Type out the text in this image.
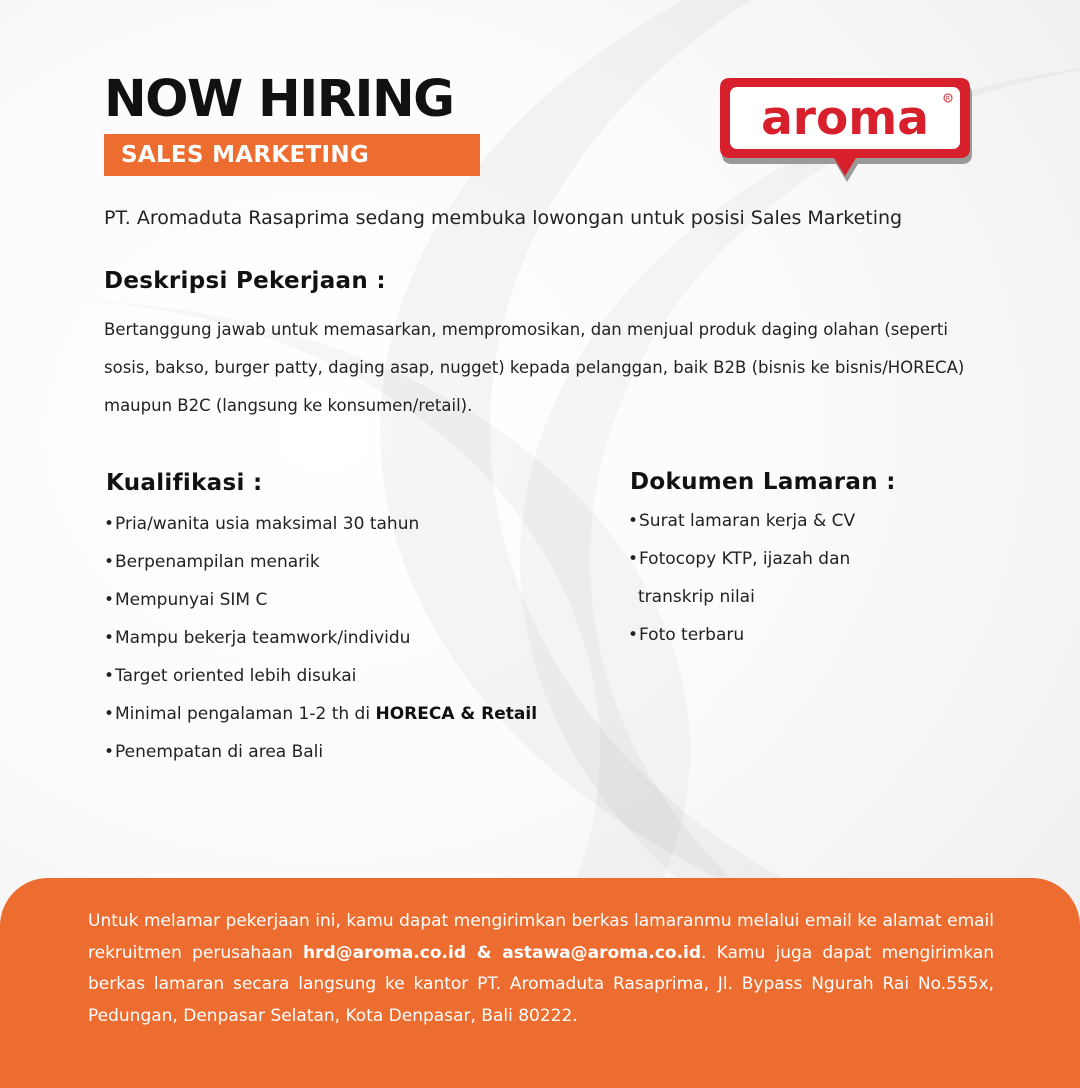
NOW HIRING
SALES MARKETING
aroma	R
PT. Aromaduta Rasaprima sedang membuka lowongan untuk posisi Sales Marketing
Deskripsi Pekerjaan :

Bertanggung jawab untuk memasarkan, mempromosikan, dan menjual produk daging olahan (seperti sosis, bakso, burger patty, daging asap, nugget) kepada pelanggan, baik B2B (bisnis ke bisnis/HORECA) maupun B2C (langsung ke konsumen/retail).

Kualifikasi :
•Pria/wanita usia maksimal 30 tahun
•Berpenampilan menarik
•Mempunyai SIM C
•Mampu bekerja teamwork/individu
•Target oriented lebih disukai
•Minimal pengalaman 1-2 th di HORECA & Retail
•Penempatan di area Bali
Dokumen Lamaran :
•Surat lamaran kerja & CV
•Fotocopy KTP, ijazah dan
transkrip nilai
•Foto terbaru

Untuk melamar pekerjaan ini, kamu dapat mengirimkan berkas lamaranmu melalui email ke alamat email rekruitmen perusahaan hrd@aroma.co.id & astawa@aroma.co.id. Kamu juga dapat mengirimkan berkas lamaran secara langsung ke kantor PT. Aromaduta Rasaprima, Jl. Bypass Ngurah Rai No.555x, Pedungan, Denpasar Selatan, Kota Denpasar, Bali 80222.
